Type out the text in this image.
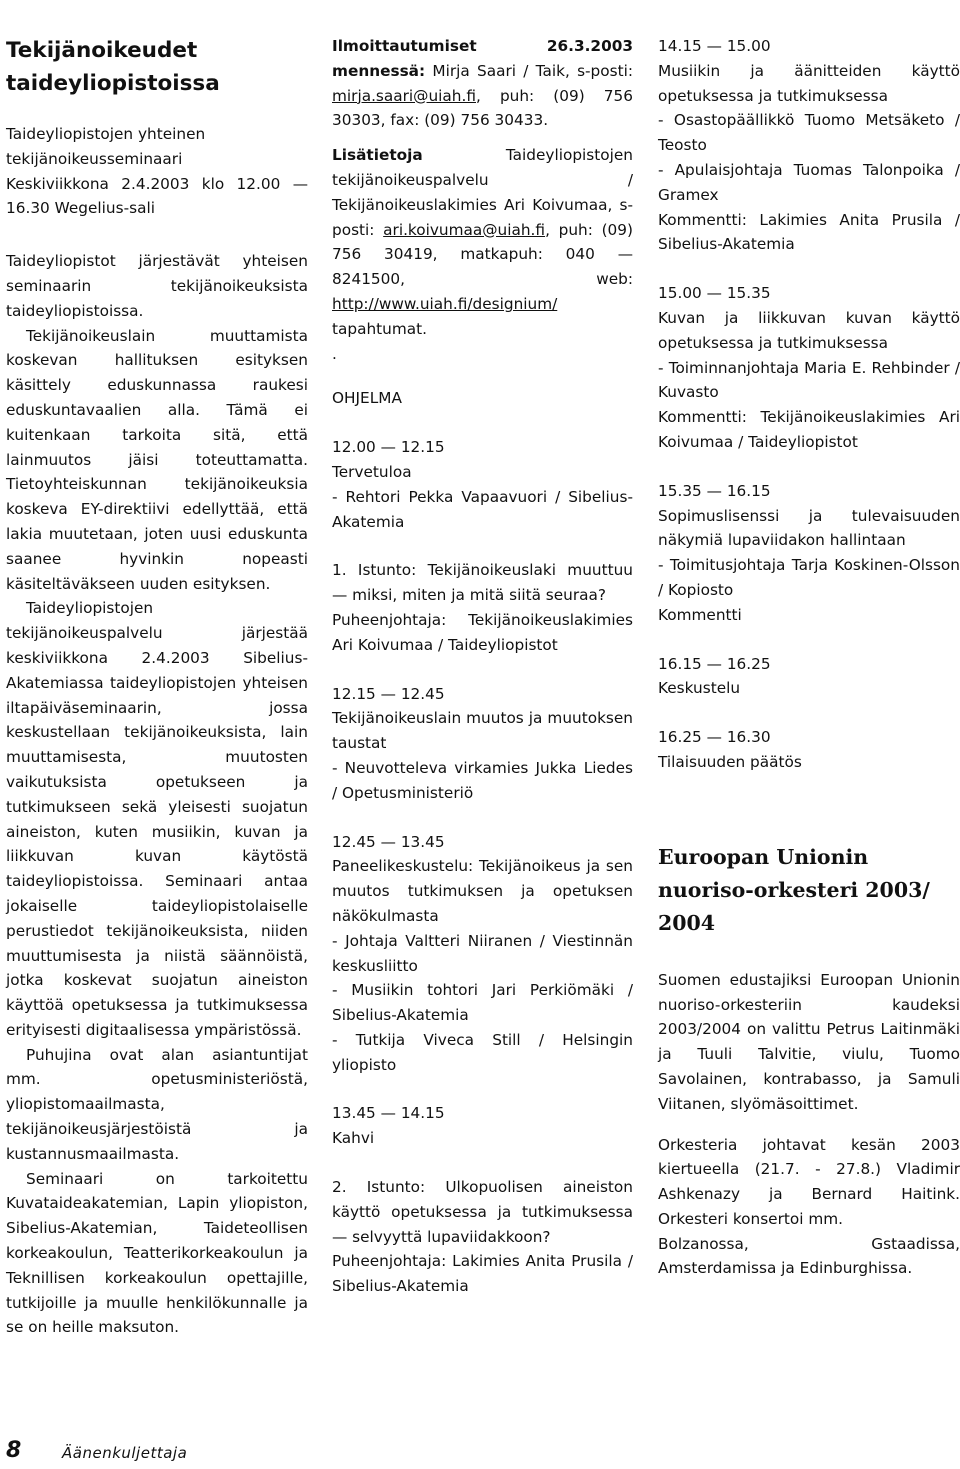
Tekijänoikeudet taideyliopistoissa

Taideyliopistojen yhteinen

tekijänoikeusseminaari

Keskiviikkona 2.4.2003 klo 12.00 — 16.30 Wegelius-sali

Taideyliopistot järjestävät yhteisen seminaarin tekijänoikeuksista taideyliopistoissa.

Tekijänoikeuslain muuttamista koskevan hallituksen esityksen käsittely eduskunnassa raukesi eduskuntavaalien alla. Tämä ei kuitenkaan tarkoita sitä, että lainmuutos jäisi toteuttamatta. Tietoyhteiskunnan tekijänoikeuksia koskeva EY-direktiivi edellyttää, että lakia muutetaan, joten uusi eduskunta saanee hyvinkin nopeasti käsiteltäväkseen uuden esityksen.

Taideyliopistojen tekijänoikeuspalvelu järjestää keskiviikkona 2.4.2003 Sibelius-Akatemiassa taideyliopistojen yhteisen iltapäiväseminaarin, jossa keskustellaan tekijänoikeuksista, lain muuttamisesta, muutosten vaikutuksista opetukseen ja tutkimukseen sekä yleisesti suojatun aineiston, kuten musiikin, kuvan ja liikkuvan kuvan käytöstä taideyliopistoissa. Seminaari antaa jokaiselle taideyliopistolaiselle perustiedot tekijänoikeuksista, niiden muuttumisesta ja niistä säännöistä, jotka koskevat suojatun aineiston käyttöä opetuksessa ja tutkimuksessa erityisesti digitaalisessa ympäristössä.

Puhujina ovat alan asiantuntijat mm. opetusministeriöstä, yliopistomaailmasta, tekijänoikeusjärjestöistä ja kustannusmaailmasta.

Seminaari on tarkoitettu Kuvataideakatemian, Lapin yliopiston, Sibelius-Akatemian, Taideteollisen korkeakoulun, Teatterikorkeakoulun ja Teknillisen korkeakoulun opettajille, tutkijoille ja muulle henkilökunnalle ja se on heille maksuton.

Ilmoittautumiset 26.3.2003 mennessä: Mirja Saari / Taik, s-posti: mirja.saari@uiah.fi, puh: (09) 756 30303, fax: (09) 756 30433.

Lisätietoja	Taideyliopistojen tekijänoikeuspalvelu / Tekijänoikeuslakimies Ari Koivumaa, s-posti: ari.koivumaa@uiah.fi, puh: (09) 756 30419, matkapuh: 040 — 8241500, web: http://www.uiah.fi/designium/ tapahtumat.

.

OHJELMA

12.00 — 12.15

Tervetuloa

- Rehtori Pekka Vapaavuori / Sibelius-Akatemia

1. Istunto: Tekijänoikeuslaki muuttuu — miksi, miten ja mitä siitä seuraa?

Puheenjohtaja: Tekijänoikeuslakimies Ari Koivumaa / Taideyliopistot

12.15 — 12.45

Tekijänoikeuslain muutos ja muutoksen taustat

- Neuvotteleva virkamies Jukka Liedes / Opetusministeriö

12.45 — 13.45

Paneelikeskustelu: Tekijänoikeus ja sen muutos tutkimuksen ja opetuksen näkökulmasta

- Johtaja Valtteri Niiranen / Viestinnän keskusliitto

- Musiikin tohtori Jari Perkiömäki / Sibelius-Akatemia

- Tutkija Viveca Still / Helsingin yliopisto

13.45 — 14.15

Kahvi

2. Istunto: Ulkopuolisen aineiston käyttö opetuksessa ja tutkimuksessa — selvyyttä lupaviidakkoon?

Puheenjohtaja: Lakimies Anita Prusila / Sibelius-Akatemia

14.15 — 15.00

Musiikin ja äänitteiden käyttö opetuksessa ja tutkimuksessa

- Osastopäällikkö Tuomo Metsäketo / Teosto

- Apulaisjohtaja Tuomas Talonpoika / Gramex

Kommentti: Lakimies Anita Prusila / Sibelius-Akatemia

15.00 — 15.35

Kuvan ja liikkuvan kuvan käyttö opetuksessa ja tutkimuksessa

- Toiminnanjohtaja Maria E. Rehbinder / Kuvasto

Kommentti: Tekijänoikeuslakimies Ari Koivumaa / Taideyliopistot

15.35 — 16.15

Sopimuslisenssi ja tulevaisuuden näkymiä lupaviidakon hallintaan

- Toimitusjohtaja Tarja Koskinen-Olsson / Kopiosto

Kommentti

16.15 — 16.25

Keskustelu

16.25 — 16.30

Tilaisuuden päätös

Euroopan Unionin nuoriso-orkesteri 2003/ 2004

Suomen edustajiksi Euroopan Unionin nuoriso-orkesteriin kaudeksi 2003/2004 on valittu Petrus Laitinmäki ja Tuuli Talvitie, viulu, Tuomo Savolainen, kontrabasso, ja Samuli Viitanen, slyömäsoittimet.

Orkesteria johtavat kesän 2003 kiertueella (21.7. - 27.8.) Vladimir Ashkenazy ja Bernard Haitink. Orkesteri konsertoi mm.

Bolzanossa, Gstaadissa, Amsterdamissa ja Edinburghissa.

8	Äänenkuljettaja
